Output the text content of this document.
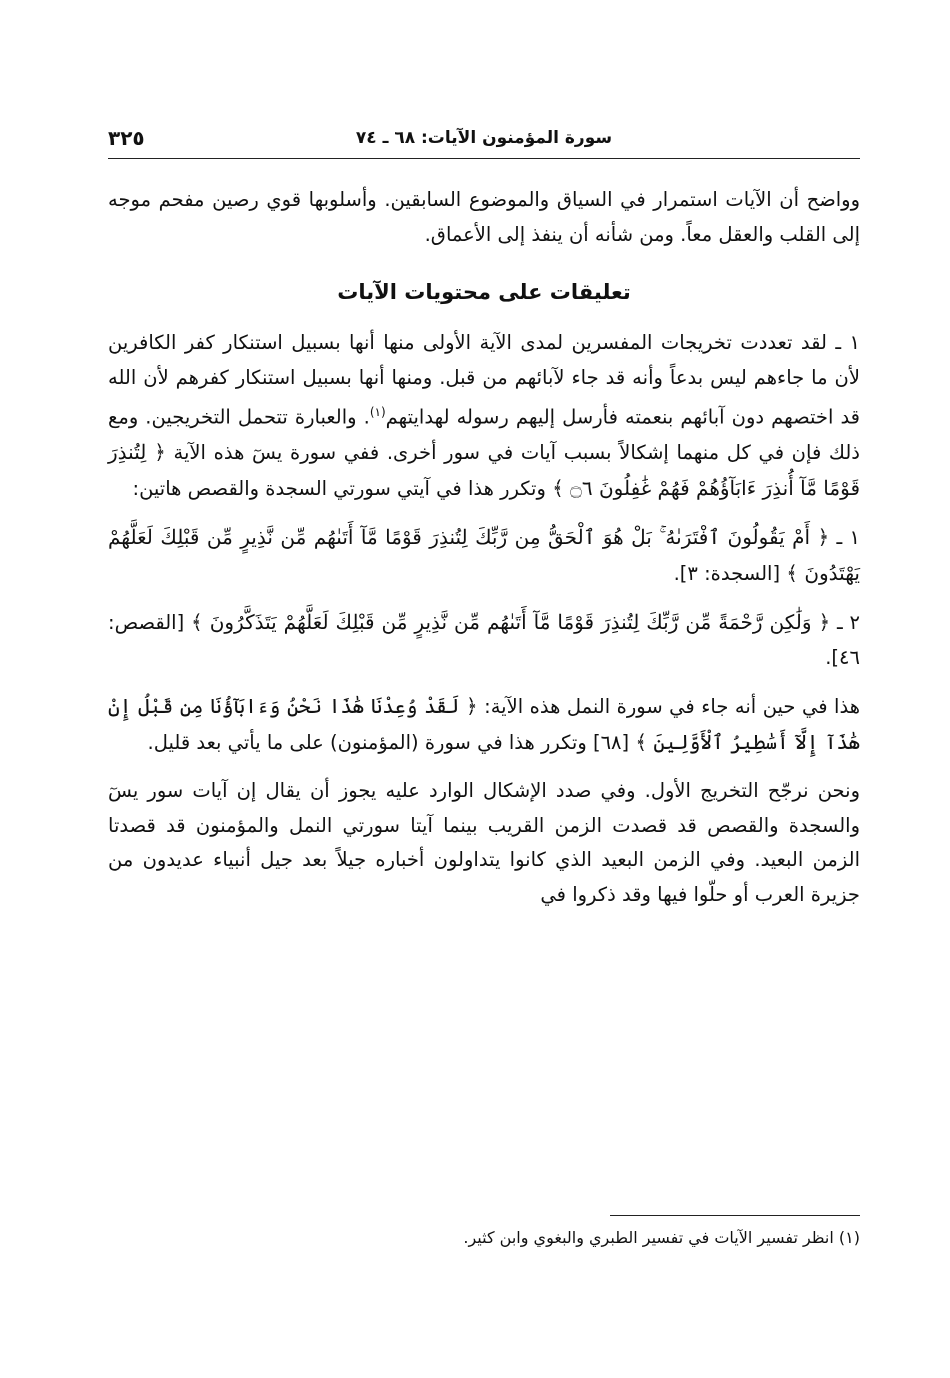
سورة المؤمنون الآيات: ٦٨ ـ ٧٤
٣٢٥

وواضح أن الآيات استمرار في السياق والموضوع السابقين. وأسلوبها قوي رصين مفحم موجه إلى القلب والعقل معاً. ومن شأنه أن ينفذ إلى الأعماق.

تعليقات على محتويات الآيات

١ ـ لقد تعددت تخريجات المفسرين لمدى الآية الأولى منها أنها بسبيل استنكار كفر الكافرين لأن ما جاءهم ليس بدعاً وأنه قد جاء لآبائهم من قبل. ومنها أنها بسبيل استنكار كفرهم لأن الله قد اختصهم دون آبائهم بنعمته فأرسل إليهم رسوله لهدايتهم$^{(١)}$. والعبارة تتحمل التخريجين. ومع ذلك فإن في كل منهما إشكالاً بسبب آيات في سور أخرى. ففي سورة يسٓ هذه الآية ﴿ لِتُنذِرَ قَوْمًا مَّآ أُنذِرَ ءَابَآؤُهُمْ فَهُمْ غَٰفِلُونَ ۝٦ ﴾ وتكرر هذا في آيتي سورتي السجدة والقصص هاتين:

١ ـ ﴿ أَمْ يَقُولُونَ ٱفْتَرَىٰهُ ۚ بَلْ هُوَ ٱلْحَقُّ مِن رَّبِّكَ لِتُنذِرَ قَوْمًا مَّآ أَتَىٰهُم مِّن نَّذِيرٍ مِّن قَبْلِكَ لَعَلَّهُمْ يَهْتَدُونَ ﴾ [السجدة: ٣].

٢ ـ ﴿ وَلَٰكِن رَّحْمَةً مِّن رَّبِّكَ لِتُنذِرَ قَوْمًا مَّآ أَتَىٰهُم مِّن نَّذِيرٍ مِّن قَبْلِكَ لَعَلَّهُمْ يَتَذَكَّرُونَ ﴾ [القصص: ٤٦].

هذا في حين أنه جاء في سورة النمل هذه الآية: ﴿ لَقَدْ وُعِدْنَا هَٰذَا نَحْنُ وَءَابَآؤُنَا مِن قَبْلُ إِنْ هَٰذَآ إِلَّآ أَسَٰطِيرُ ٱلْأَوَّلِينَ ﴾ [٦٨] وتكرر هذا في سورة (المؤمنون) على ما يأتي بعد قليل.

ونحن نرجّح التخريج الأول. وفي صدد الإشكال الوارد عليه يجوز أن يقال إن آيات سور يسٓ والسجدة والقصص قد قصدت الزمن القريب بينما آيتا سورتي النمل والمؤمنون قد قصدتا الزمن البعيد. وفي الزمن البعيد الذي كانوا يتداولون أخباره جيلاً بعد جيل أنبياء عديدون من جزيرة العرب أو حلّوا فيها وقد ذكروا في

(١) انظر تفسير الآيات في تفسير الطبري والبغوي وابن كثير.
